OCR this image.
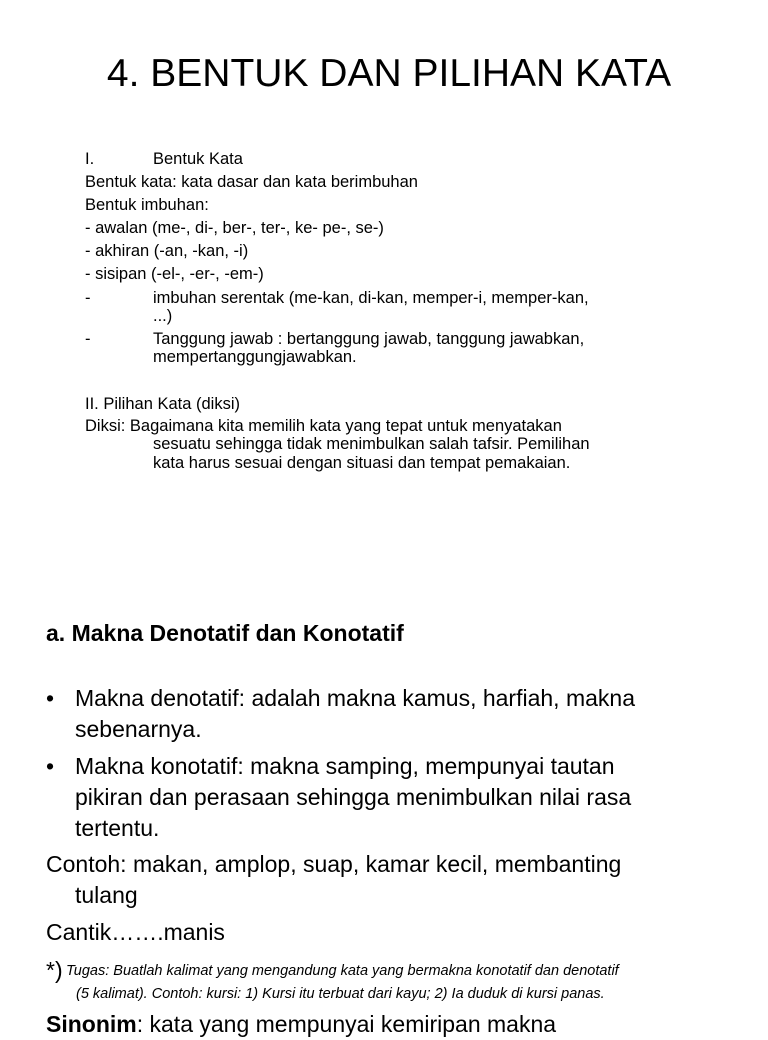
4. BENTUK DAN PILIHAN KATA
I.	Bentuk Kata
Bentuk kata: kata dasar dan kata berimbuhan
Bentuk imbuhan:
- awalan (me-, di-, ber-, ter-, ke- pe-, se-)
- akhiran (-an, -kan, -i)
- sisipan (-el-, -er-, -em-)
-	imbuhan serentak (me-kan, di-kan, memper-i, memper-kan,
...)
-	Tanggung jawab : bertanggung jawab, tanggung jawabkan,
mempertanggungjawabkan.
II. Pilihan Kata (diksi)
Diksi: Bagaimana kita memilih kata yang tepat untuk menyatakan
sesuatu sehingga tidak menimbulkan salah tafsir. Pemilihan
kata harus sesuai dengan situasi dan tempat pemakaian.
a. Makna Denotatif dan Konotatif
• Makna denotatif: adalah makna kamus, harfiah, makna
sebenarnya.
• Makna konotatif: makna samping, mempunyai tautan
pikiran dan perasaan sehingga menimbulkan nilai rasa
tertentu.
Contoh: makan, amplop, suap, kamar kecil, membanting
tulang
Cantik…….manis
*) Tugas: Buatlah kalimat yang mengandung kata yang bermakna konotatif dan denotatif
(5 kalimat). Contoh: kursi: 1) Kursi itu terbuat dari kayu; 2) Ia duduk di kursi panas.
Sinonim: kata yang mempunyai kemiripan makna
